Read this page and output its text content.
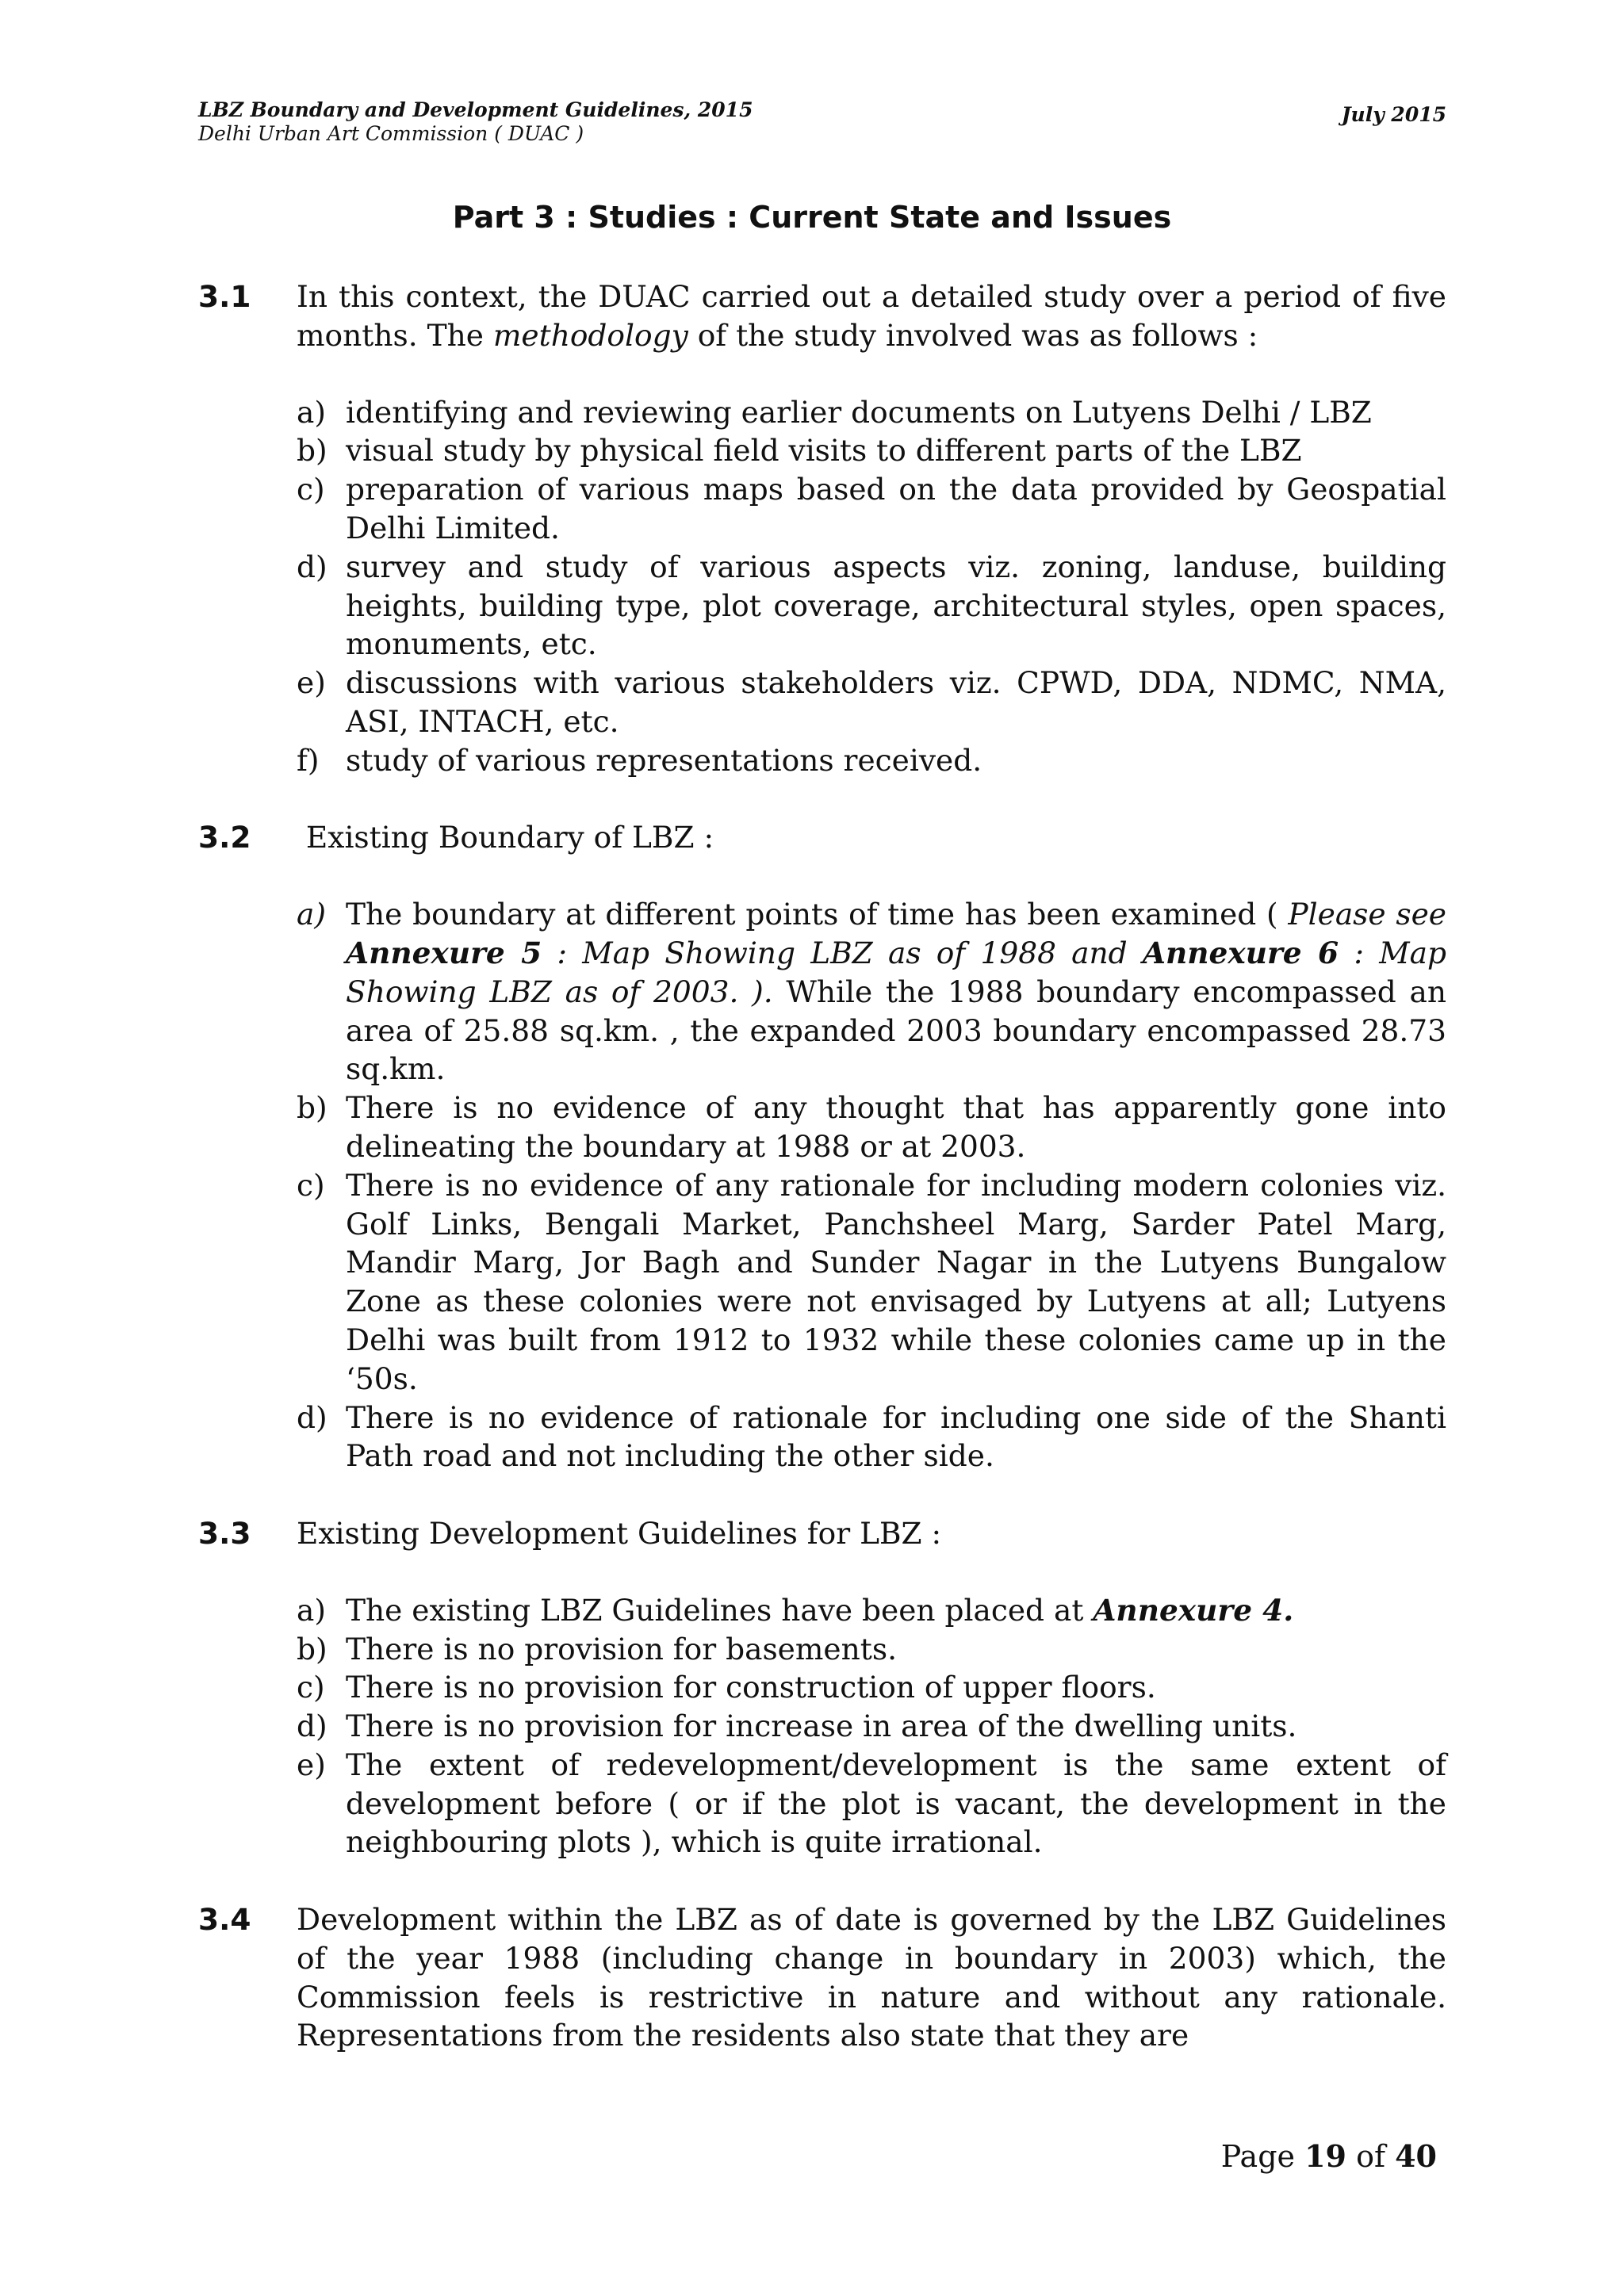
LBZ Boundary and Development Guidelines, 2015
Delhi Urban Art Commission ( DUAC )
July 2015
Part 3 : Studies : Current State and Issues
3.1 In this context, the DUAC carried out a detailed study over a period of five months. The methodology of the study involved was as follows :
a) identifying and reviewing earlier documents on Lutyens Delhi / LBZ
b) visual study by physical field visits to different parts of the LBZ
c) preparation of various maps based on the data provided by Geospatial Delhi Limited.
d) survey and study of various aspects viz. zoning, landuse, building heights, building type, plot coverage, architectural styles, open spaces, monuments, etc.
e) discussions with various stakeholders viz. CPWD, DDA, NDMC, NMA, ASI, INTACH, etc.
f) study of various representations received.
3.2 Existing Boundary of LBZ :
a) The boundary at different points of time has been examined ( Please see Annexure 5 : Map Showing LBZ as of 1988 and Annexure 6 : Map Showing LBZ as of 2003. ). While the 1988 boundary encompassed an area of 25.88 sq.km. , the expanded 2003 boundary encompassed 28.73 sq.km.
b) There is no evidence of any thought that has apparently gone into delineating the boundary at 1988 or at 2003.
c) There is no evidence of any rationale for including modern colonies viz. Golf Links, Bengali Market, Panchsheel Marg, Sarder Patel Marg, Mandir Marg, Jor Bagh and Sunder Nagar in the Lutyens Bungalow Zone as these colonies were not envisaged by Lutyens at all; Lutyens Delhi was built from 1912 to 1932 while these colonies came up in the ‘50s.
d) There is no evidence of rationale for including one side of the Shanti Path road and not including the other side.
3.3 Existing Development Guidelines for LBZ :
a) The existing LBZ Guidelines have been placed at Annexure 4.
b) There is no provision for basements.
c) There is no provision for construction of upper floors.
d) There is no provision for increase in area of the dwelling units.
e) The extent of redevelopment/development is the same extent of development before ( or if the plot is vacant, the development in the neighbouring plots ), which is quite irrational.
3.4 Development within the LBZ as of date is governed by the LBZ Guidelines of the year 1988 (including change in boundary in 2003) which, the Commission feels is restrictive in nature and without any rationale. Representations from the residents also state that they are
Page 19 of 40
